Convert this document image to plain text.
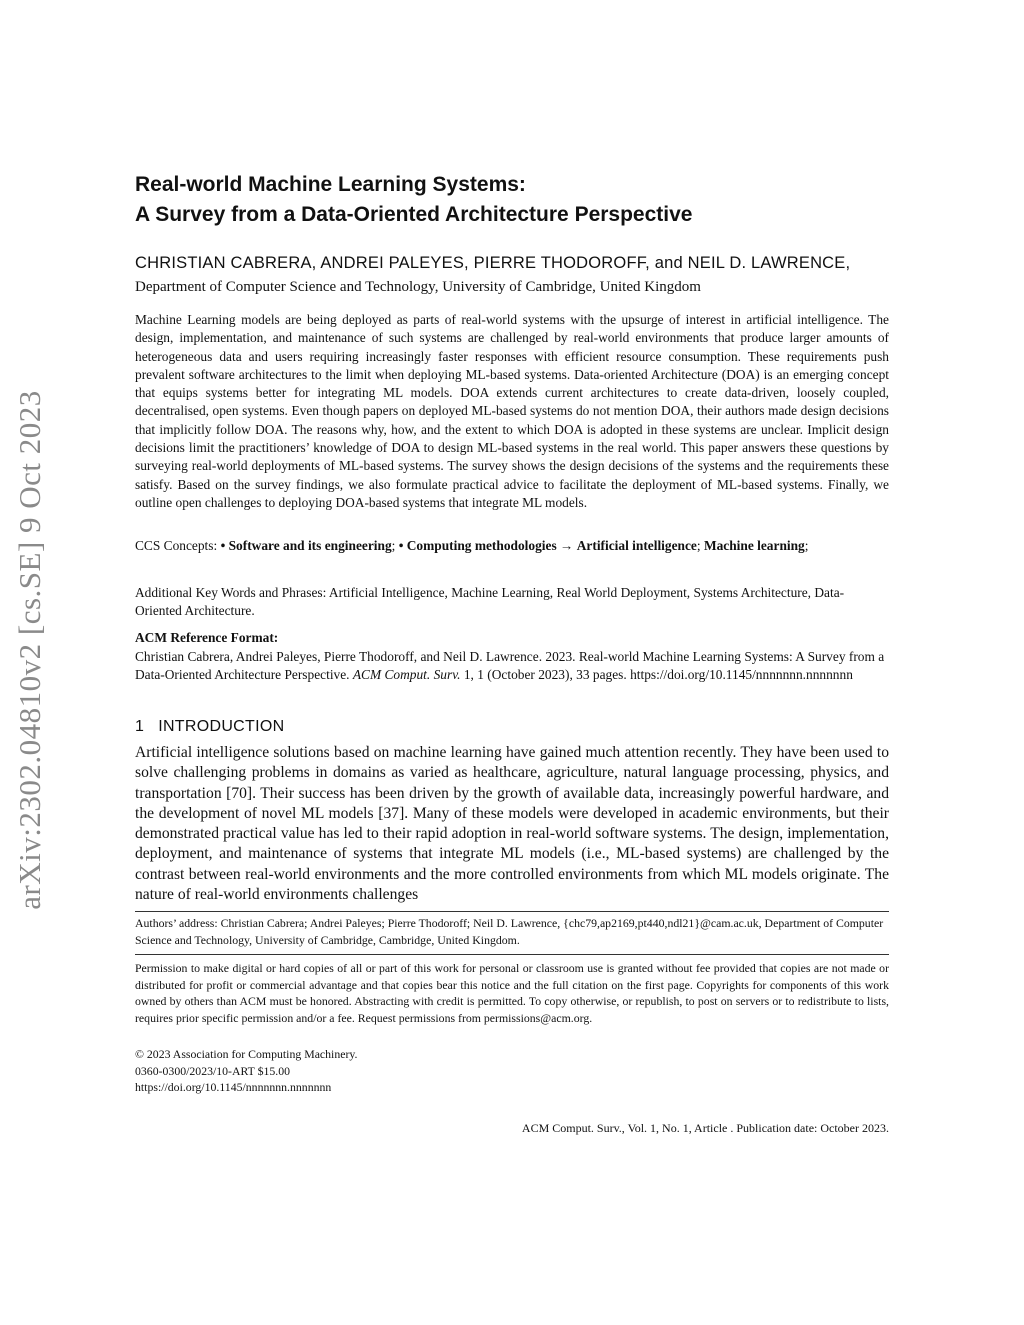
arXiv:2302.04810v2 [cs.SE] 9 Oct 2023
Real-world Machine Learning Systems:
A Survey from a Data-Oriented Architecture Perspective
CHRISTIAN CABRERA, ANDREI PALEYES, PIERRE THODOROFF, and NEIL D. LAWRENCE,
Department of Computer Science and Technology, University of Cambridge, United Kingdom

Machine Learning models are being deployed as parts of real-world systems with the upsurge of interest in artificial intelligence. The design, implementation, and maintenance of such systems are challenged by real-world environments that produce larger amounts of heterogeneous data and users requiring increasingly faster responses with efficient resource consumption. These requirements push prevalent software architectures to the limit when deploying ML-based systems. Data-oriented Architecture (DOA) is an emerging concept that equips systems better for integrating ML models. DOA extends current architectures to create data-driven, loosely coupled, decentralised, open systems. Even though papers on deployed ML-based systems do not mention DOA, their authors made design decisions that implicitly follow DOA. The reasons why, how, and the extent to which DOA is adopted in these systems are unclear. Implicit design decisions limit the practitioners’ knowledge of DOA to design ML-based systems in the real world. This paper answers these questions by surveying real-world deployments of ML-based systems. The survey shows the design decisions of the systems and the requirements these satisfy. Based on the survey findings, we also formulate practical advice to facilitate the deployment of ML-based systems. Finally, we outline open challenges to deploying DOA-based systems that integrate ML models.

CCS Concepts: • Software and its engineering; • Computing methodologies → Artificial intelligence; Machine learning;

Additional Key Words and Phrases: Artificial Intelligence, Machine Learning, Real World Deployment, Systems Architecture, Data-Oriented Architecture.

ACM Reference Format:

Christian Cabrera, Andrei Paleyes, Pierre Thodoroff, and Neil D. Lawrence. 2023. Real-world Machine Learning Systems: A Survey from a Data-Oriented Architecture Perspective. ACM Comput. Surv. 1, 1 (October 2023), 33 pages. https://doi.org/10.1145/nnnnnnn.nnnnnnn

1 INTRODUCTION

Artificial intelligence solutions based on machine learning have gained much attention recently. They have been used to solve challenging problems in domains as varied as healthcare, agriculture, natural language processing, physics, and transportation [70]. Their success has been driven by the growth of available data, increasingly powerful hardware, and the development of novel ML models [37]. Many of these models were developed in academic environments, but their demonstrated practical value has led to their rapid adoption in real-world software systems. The design, implementation, deployment, and maintenance of systems that integrate ML models (i.e., ML-based systems) are challenged by the contrast between real-world environments and the more controlled environments from which ML models originate. The nature of real-world environments challenges

Authors’ address: Christian Cabrera; Andrei Paleyes; Pierre Thodoroff; Neil D. Lawrence, {chc79,ap2169,pt440,ndl21}@cam.ac.uk, Department of Computer Science and Technology, University of Cambridge, Cambridge, United Kingdom.

Permission to make digital or hard copies of all or part of this work for personal or classroom use is granted without fee provided that copies are not made or distributed for profit or commercial advantage and that copies bear this notice and the full citation on the first page. Copyrights for components of this work owned by others than ACM must be honored. Abstracting with credit is permitted. To copy otherwise, or republish, to post on servers or to redistribute to lists, requires prior specific permission and/or a fee. Request permissions from permissions@acm.org.

© 2023 Association for Computing Machinery.
0360-0300/2023/10-ART $15.00
https://doi.org/10.1145/nnnnnnn.nnnnnnn
ACM Comput. Surv., Vol. 1, No. 1, Article . Publication date: October 2023.
